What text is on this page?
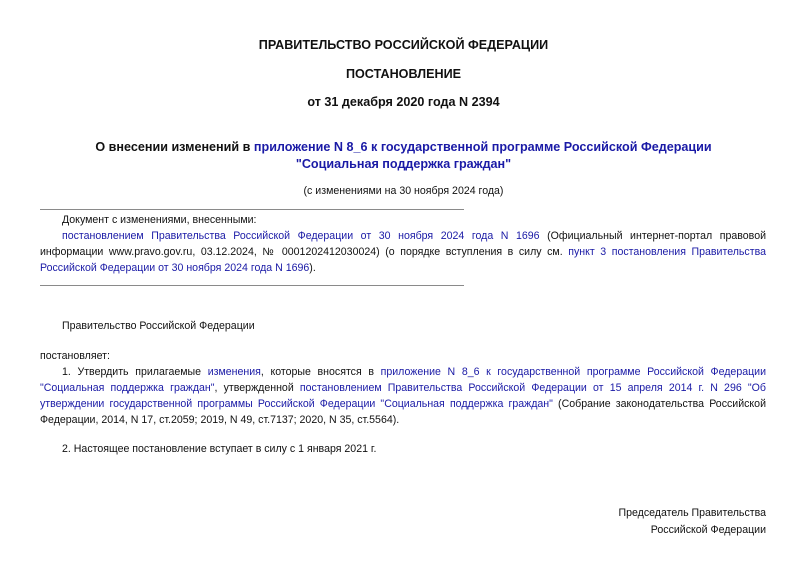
ПРАВИТЕЛЬСТВО РОССИЙСКОЙ ФЕДЕРАЦИИ
ПОСТАНОВЛЕНИЕ
от 31 декабря 2020 года N 2394
О внесении изменений в приложение N 8_6 к государственной программе Российской Федерации "Социальная поддержка граждан"
(с изменениями на 30 ноября 2024 года)

Документ с изменениями, внесенными:

постановлением Правительства Российской Федерации от 30 ноября 2024 года N 1696 (Официальный интернет-портал правовой информации www.pravo.gov.ru, 03.12.2024, № 0001202412030024) (о порядке вступления в силу см. пункт 3 постановления Правительства Российской Федерации от 30 ноября 2024 года N 1696).

Правительство Российской Федерации
постановляет:

1. Утвердить прилагаемые изменения, которые вносятся в приложение N 8_6 к государственной программе Российской Федерации "Социальная поддержка граждан", утвержденной постановлением Правительства Российской Федерации от 15 апреля 2014 г. N 296 "Об утверждении государственной программы Российской Федерации "Социальная поддержка граждан" (Собрание законодательства Российской Федерации, 2014, N 17, ст.2059; 2019, N 49, ст.7137; 2020, N 35, ст.5564).

2. Настоящее постановление вступает в силу с 1 января 2021 г.
Председатель Правительства
Российской Федерации
